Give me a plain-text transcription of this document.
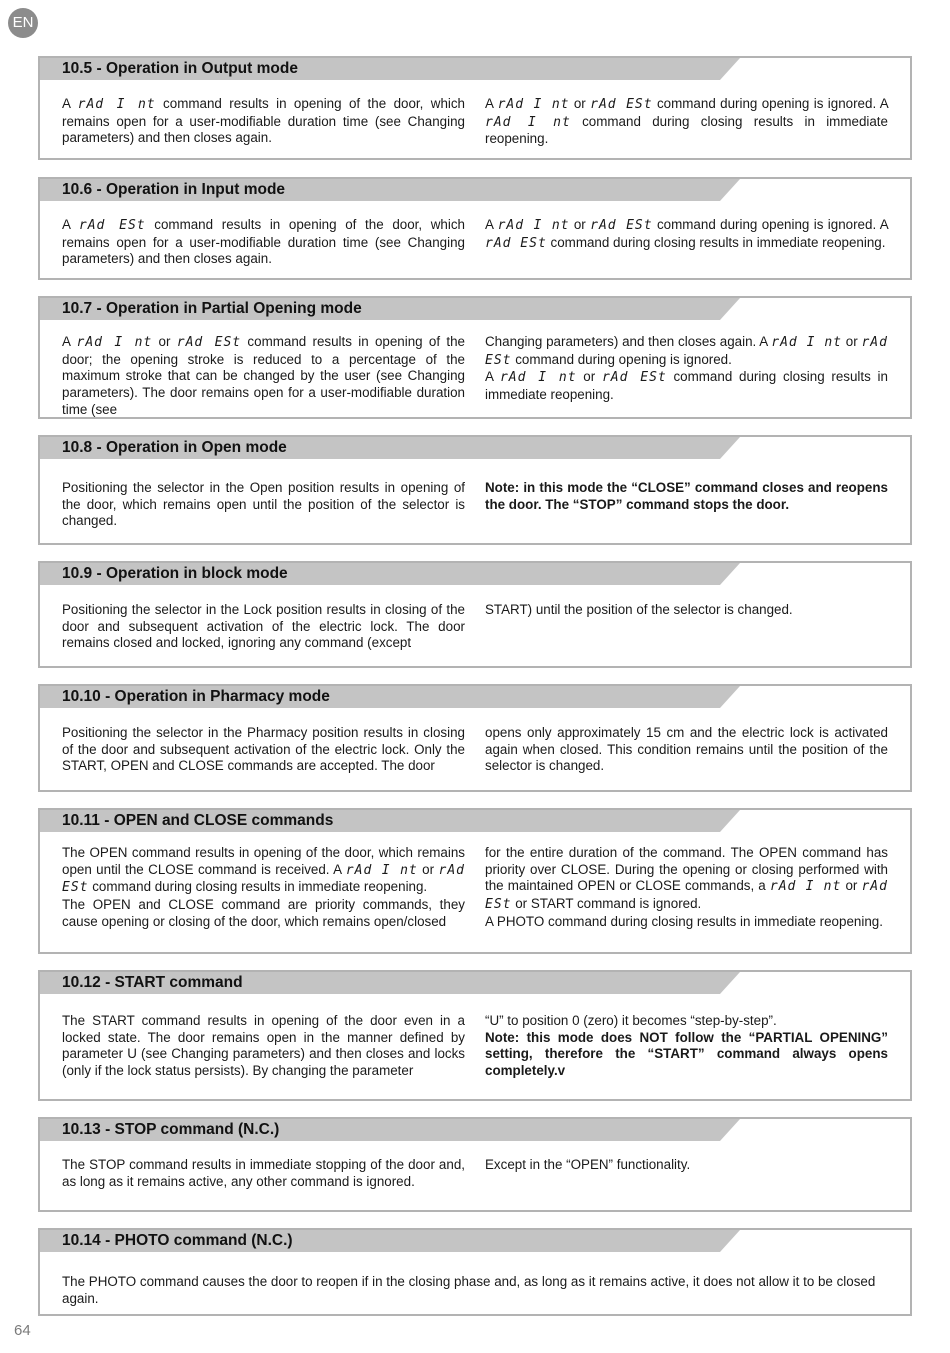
EN
10.5 - Operation in Output mode
A rAd I nt command results in opening of the door, which remains open for a user-modifiable duration time (see Changing parameters) and then closes again.
A rAd I nt or rAd ESt command during opening is ignored. A rAd I nt command during closing results in immediate reopening.
10.6 - Operation in Input mode
A rAd ESt command results in opening of the door, which remains open for a user-modifiable duration time (see Changing parameters) and then closes again.
A rAd I nt or rAd ESt command during opening is ignored. A rAd ESt command during closing results in immediate reopening.
10.7 - Operation in Partial Opening mode
A rAd I nt or rAd ESt command results in opening of the door; the opening stroke is reduced to a percentage of the maximum stroke that can be changed by the user (see Changing parameters). The door remains open for a user-modifiable duration time (see
Changing parameters) and then closes again. A rAd I nt or rAd ESt command during opening is ignored.
A rAd I nt or rAd ESt command during closing results in immediate reopening.
10.8 - Operation in Open mode
Positioning the selector in the Open position results in opening of the door, which remains open until the position of the selector is changed.
Note: in this mode the “CLOSE” command closes and reopens the door. The “STOP” command stops the door.
10.9 - Operation in block mode
Positioning the selector in the Lock position results in closing of the door and subsequent activation of the electric lock. The door remains closed and locked, ignoring any command (except
START) until the position of the selector is changed.
10.10 - Operation in Pharmacy mode
Positioning the selector in the Pharmacy position results in closing of the door and subsequent activation of the electric lock. Only the START, OPEN and CLOSE commands are accepted. The door
opens only approximately 15 cm and the electric lock is activated again when closed. This condition remains until the position of the selector is changed.
10.11 - OPEN and CLOSE commands
The OPEN command results in opening of the door, which remains open until the CLOSE command is received. A rAd I nt or rAd ESt command during closing results in immediate reopening.
The OPEN and CLOSE command are priority commands, they cause opening or closing of the door, which remains open/closed
for the entire duration of the command. The OPEN command has priority over CLOSE. During the opening or closing performed with the maintained OPEN or CLOSE commands, a rAd I nt or rAd ESt or START command is ignored.
A PHOTO command during closing results in immediate reopening.
10.12 - START command
The START command results in opening of the door even in a locked state. The door remains open in the manner defined by parameter U (see Changing parameters) and then closes and locks (only if the lock status persists). By changing the parameter
“U” to position 0 (zero) it becomes “step-by-step”.
Note: this mode does NOT follow the “PARTIAL OPENING” setting, therefore the “START” command always opens completely.v
10.13 - STOP command (N.C.)
The STOP command results in immediate stopping of the door and, as long as it remains active, any other command is ignored.
Except in the “OPEN” functionality.
10.14 - PHOTO command (N.C.)
The PHOTO command causes the door to reopen if in the closing phase and, as long as it remains active, it does not allow it to be closed again.
64
